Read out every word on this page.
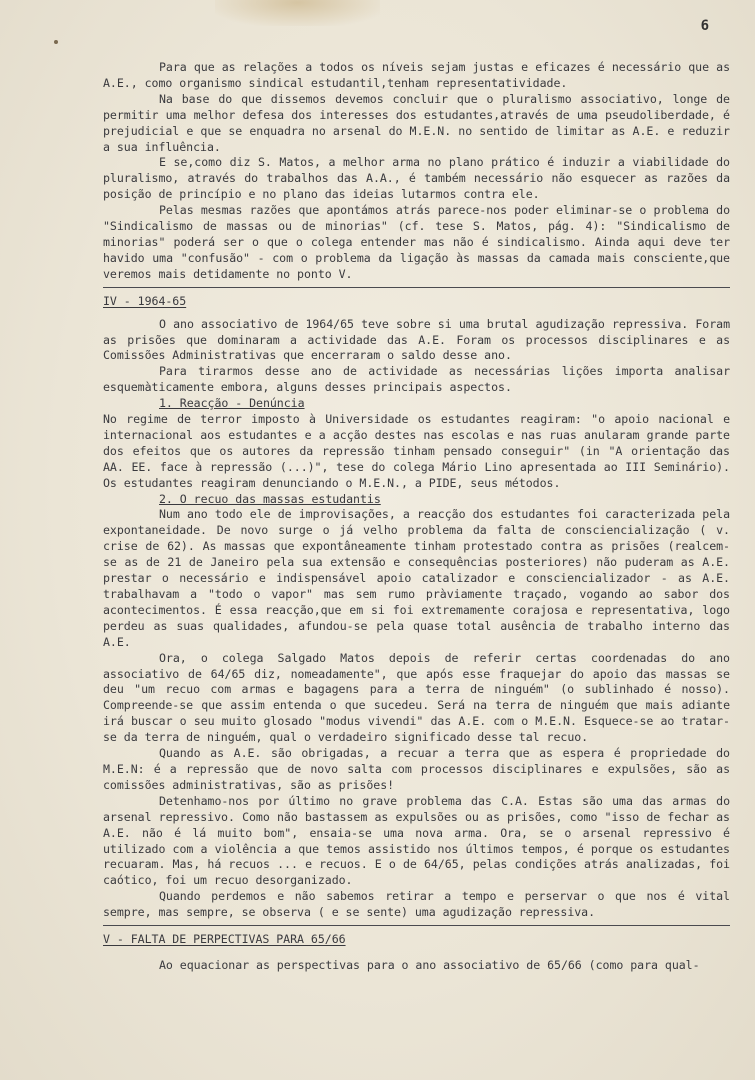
6

Para que as relações a todos os níveis sejam justas e eficazes é necessário que as A.E., como organismo sindical estudantil,tenham representatividade.

Na base do que dissemos devemos concluir que o pluralismo associativo, longe de permitir uma melhor defesa dos interesses dos estudantes,através de uma pseudoliberdade, é prejudicial e que se enquadra no arsenal do M.E.N. no sentido de limitar as A.E. e reduzir a sua influência.

E se,como diz S. Matos, a melhor arma no plano prático é induzir a viabilidade do pluralismo, através do trabalhos das A.A., é também necessário não esquecer as razões da posição de princípio e no plano das ideias lutarmos contra ele.

Pelas mesmas razões que apontámos atrás parece-nos poder eliminar-se o problema do "Sindicalismo de massas ou de minorias" (cf. tese S. Matos, pág. 4): "Sindicalismo de minorias" poderá ser o que o colega entender mas não é sindicalismo. Ainda aqui deve ter havido uma "confusão" - com o problema da ligação às massas da camada mais consciente,que veremos mais detidamente no ponto V.

IV - 1964-65

O ano associativo de 1964/65 teve sobre si uma brutal agudização repressiva. Foram as prisões que dominaram a actividade das A.E. Foram os processos disciplinares e as Comissões Administrativas que encerraram o saldo desse ano.

Para tirarmos desse ano de actividade as necessárias lições importa analisar esquemàticamente embora, alguns desses principais aspectos.

1. Reacção - Denúncia

No regime de terror imposto à Universidade os estudantes reagiram: "o apoio nacional e internacional aos estudantes e a acção destes nas escolas e nas ruas anularam grande parte dos efeitos que os autores da repressão tinham pensado conseguir" (in "A orientação das AA. EE. face à repressão (...)", tese do colega Mário Lino apresentada ao III Seminário). Os estudantes reagiram denunciando o M.E.N., a PIDE, seus métodos.

2. O recuo das massas estudantis

Num ano todo ele de improvisações, a reacção dos estudantes foi caracterizada pela expontaneidade. De novo surge o já velho problema da falta de consciencialização ( v. crise de 62). As massas que expontâneamente tinham protestado contra as prisões (realcem-se as de 21 de Janeiro pela sua extensão e consequências posteriores) não puderam as A.E. prestar o necessário e indispensável apoio catalizador e consciencializador - as A.E. trabalhavam a "todo o vapor" mas sem rumo pràviamente traçado, vogando ao sabor dos acontecimentos. É essa reacção,que em si foi extremamente corajosa e representativa, logo perdeu as suas qualidades, afundou-se pela quase total ausência de trabalho interno das A.E.

Ora, o colega Salgado Matos depois de referir certas coordenadas do ano associativo de 64/65 diz, nomeadamente", que após esse fraquejar do apoio das massas se deu "um recuo com armas e bagagens para a terra de ninguém" (o sublinhado é nosso). Compreende-se que assim entenda o que sucedeu. Será na terra de ninguém que mais adiante irá buscar o seu muito glosado "modus vivendi" das A.E. com o M.E.N. Esquece-se ao tratar-se da terra de ninguém, qual o verdadeiro significado desse tal recuo.

Quando as A.E. são obrigadas, a recuar a terra que as espera é propriedade do M.E.N: é a repressão que de novo salta com processos disciplinares e expulsões, são as comissões administrativas, são as prisões!

Detenhamo-nos por último no grave problema das C.A. Estas são uma das armas do arsenal repressivo. Como não bastassem as expulsões ou as prisões, como "isso de fechar as A.E. não é lá muito bom", ensaia-se uma nova arma. Ora, se o arsenal repressivo é utilizado com a violência a que temos assistido nos últimos tempos, é porque os estudantes recuaram. Mas, há recuos ... e recuos. E o de 64/65, pelas condições atrás analizadas, foi caótico, foi um recuo desorganizado.

Quando perdemos e não sabemos retirar a tempo e perservar o que nos é vital sempre, mas sempre, se observa ( e se sente) uma agudização repressiva.

V - FALTA DE PERPECTIVAS PARA 65/66

Ao equacionar as perspectivas para o ano associativo de 65/66 (como para qual-
